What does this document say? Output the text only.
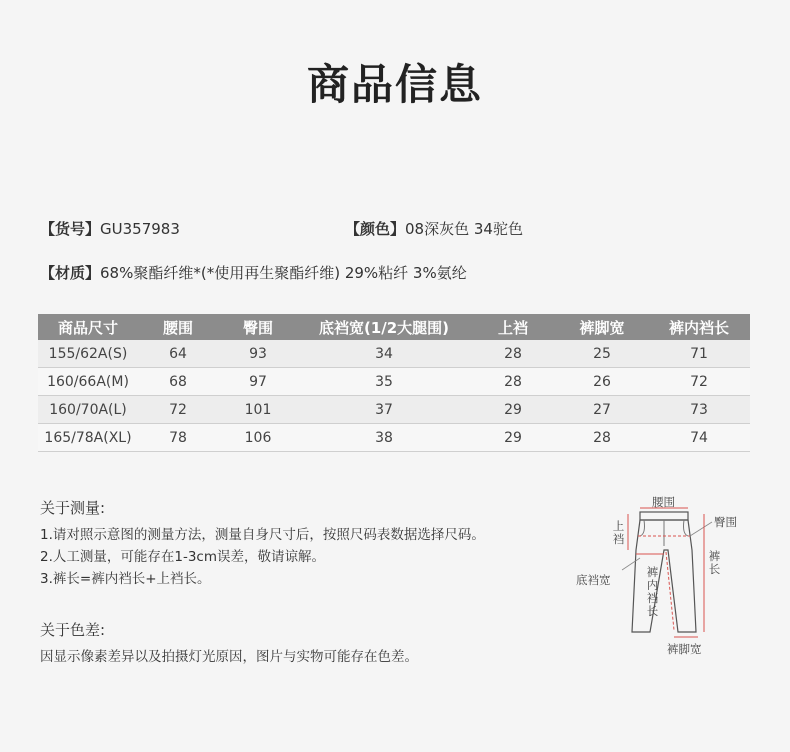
商品信息
【货号】GU357983	【颜色】08深灰色 34驼色
【材质】68%聚酯纤维*(*使用再生聚酯纤维) 29%粘纤 3%氨纶
商品尺寸	腰围	臀围	底裆宽(1/2大腿围)	上裆	裤脚宽	裤内裆长
155/62A(S)	64	93	34	28	25	71
160/66A(M)	68	97	35	28	26	72
160/70A(L)	72	101	37	29	27	73
165/78A(XL)	78	106	38	29	28	74
关于测量:
1.请对照示意图的测量方法，测量自身尺寸后，按照尺码表数据选择尺码。
2.人工测量，可能存在1-3cm误差，敬请谅解。
3.裤长=裤内裆长+上裆长。
关于色差:
因显示像素差异以及拍摄灯光原因，图片与实物可能存在色差。
腰围
臀围
上裆
底裆宽
裤内裆长
裤长
裤脚宽
